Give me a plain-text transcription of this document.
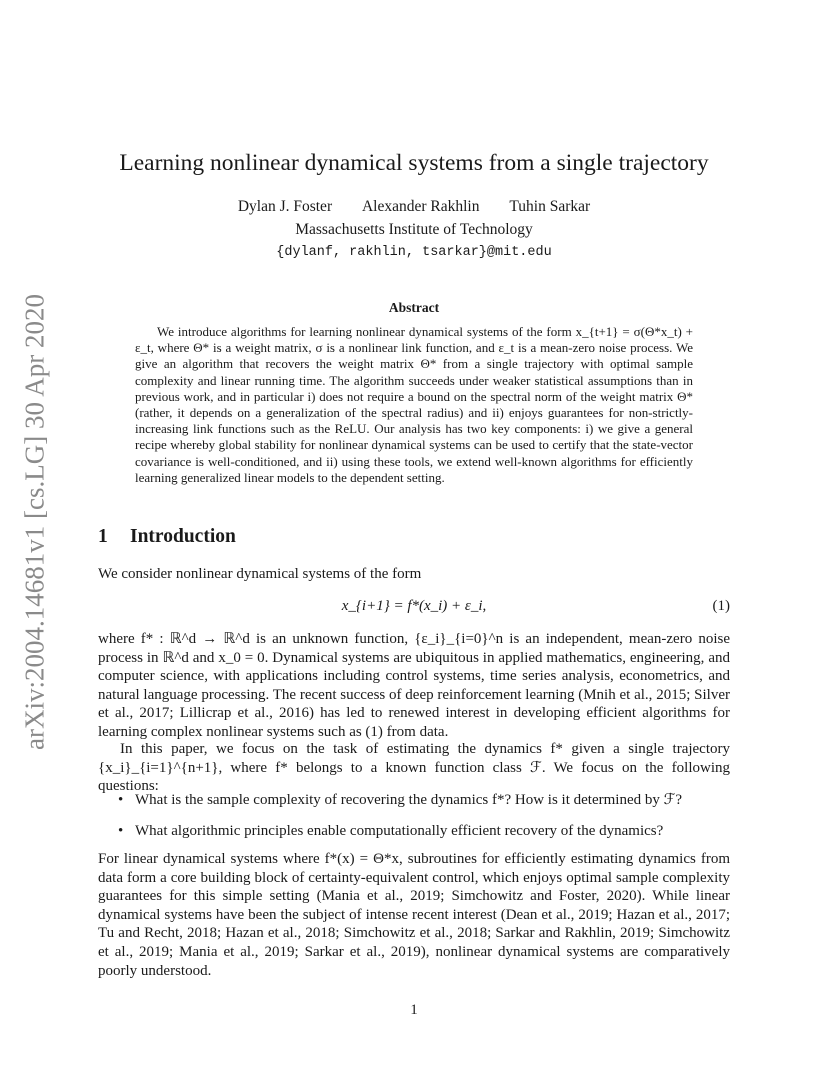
arXiv:2004.14681v1 [cs.LG] 30 Apr 2020
Learning nonlinear dynamical systems from a single trajectory
Dylan J. Foster Alexander Rakhlin Tuhin Sarkar
Massachusetts Institute of Technology
{dylanf, rakhlin, tsarkar}@mit.edu
Abstract

We introduce algorithms for learning nonlinear dynamical systems of the form x_{t+1} = σ(Θ*x_t) + ε_t, where Θ* is a weight matrix, σ is a nonlinear link function, and ε_t is a mean-zero noise process. We give an algorithm that recovers the weight matrix Θ* from a single trajectory with optimal sample complexity and linear running time. The algorithm succeeds under weaker statistical assumptions than in previous work, and in particular i) does not require a bound on the spectral norm of the weight matrix Θ* (rather, it depends on a generalization of the spectral radius) and ii) enjoys guarantees for non-strictly-increasing link functions such as the ReLU. Our analysis has two key components: i) we give a general recipe whereby global stability for nonlinear dynamical systems can be used to certify that the state-vector covariance is well-conditioned, and ii) using these tools, we extend well-known algorithms for efficiently learning generalized linear models to the dependent setting.

1 Introduction

We consider nonlinear dynamical systems of the form

x_{i+1} = f*(x_i) + ε_i,	(1)

where f* : ℝ^d → ℝ^d is an unknown function, {ε_i}_{i=0}^n is an independent, mean-zero noise process in ℝ^d and x_0 = 0. Dynamical systems are ubiquitous in applied mathematics, engineering, and computer science, with applications including control systems, time series analysis, econometrics, and natural language processing. The recent success of deep reinforcement learning (Mnih et al., 2015; Silver et al., 2017; Lillicrap et al., 2016) has led to renewed interest in developing efficient algorithms for learning complex nonlinear systems such as (1) from data.

In this paper, we focus on the task of estimating the dynamics f* given a single trajectory {x_i}_{i=1}^{n+1}, where f* belongs to a known function class ℱ. We focus on the following questions:

• What is the sample complexity of recovering the dynamics f*? How is it determined by ℱ?
• What algorithmic principles enable computationally efficient recovery of the dynamics?

For linear dynamical systems where f*(x) = Θ*x, subroutines for efficiently estimating dynamics from data form a core building block of certainty-equivalent control, which enjoys optimal sample complexity guarantees for this simple setting (Mania et al., 2019; Simchowitz and Foster, 2020). While linear dynamical systems have been the subject of intense recent interest (Dean et al., 2019; Hazan et al., 2017; Tu and Recht, 2018; Hazan et al., 2018; Simchowitz et al., 2018; Sarkar and Rakhlin, 2019; Simchowitz et al., 2019; Mania et al., 2019; Sarkar et al., 2019), nonlinear dynamical systems are comparatively poorly understood.

1
